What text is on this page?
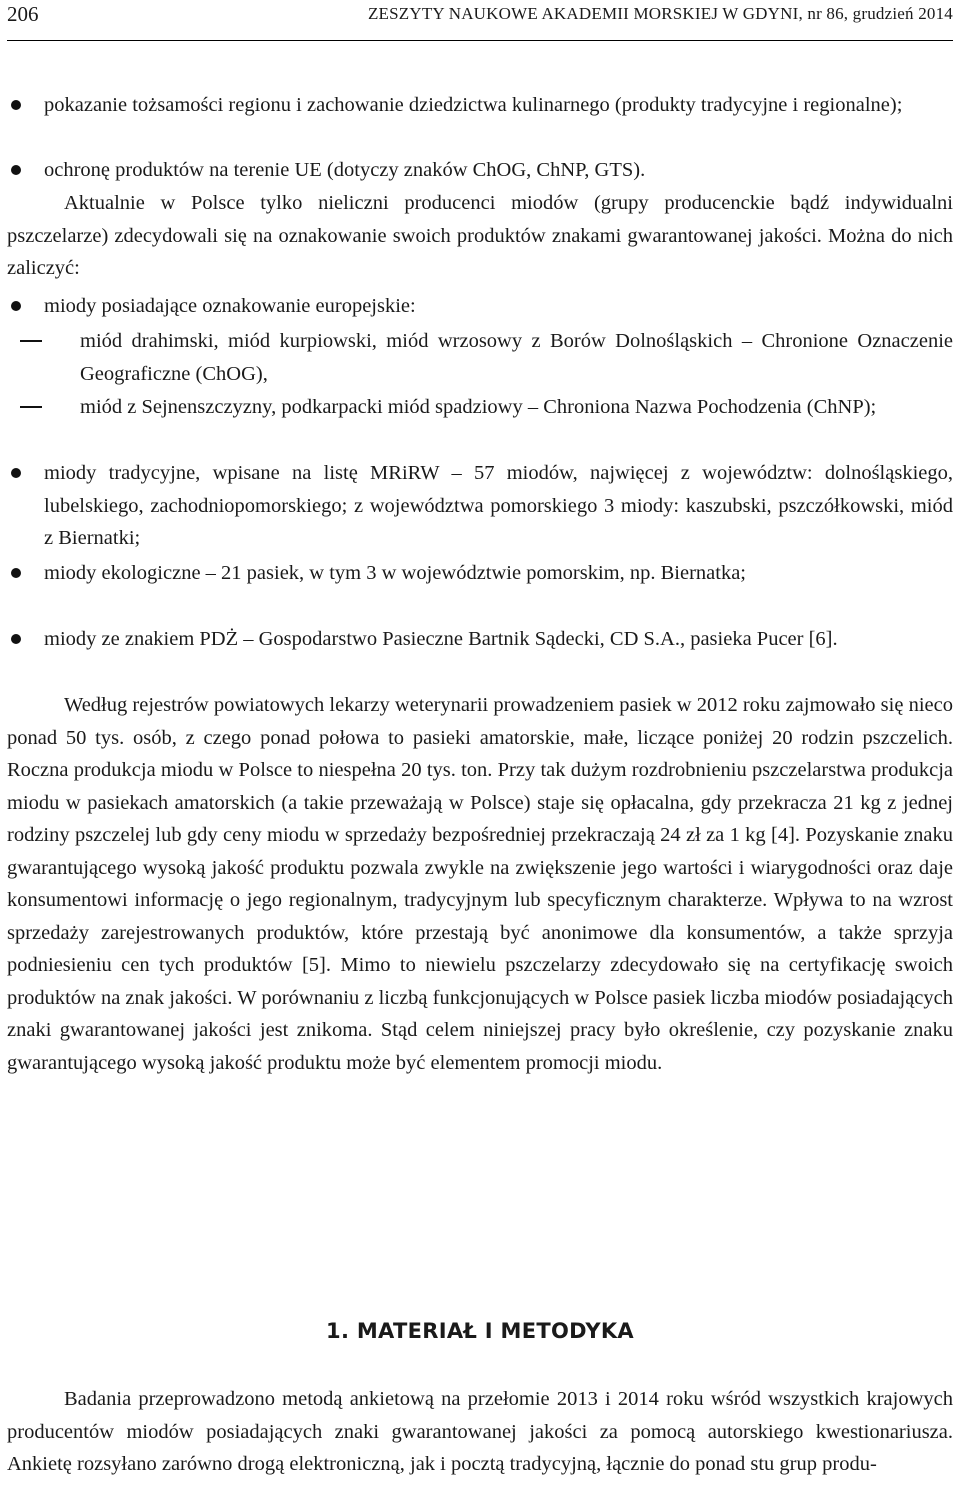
206	ZESZYTY NAUKOWE AKADEMII MORSKIEJ W GDYNI, nr 86, grudzień 2014
pokazanie tożsamości regionu i zachowanie dziedzictwa kulinarnego (produkty tradycyjne i regionalne);
ochronę produktów na terenie UE (dotyczy znaków ChOG, ChNP, GTS).

Aktualnie w Polsce tylko nieliczni producenci miodów (grupy producenckie bądź indywidualni pszczelarze) zdecydowali się na oznakowanie swoich produktów znakami gwarantowanej jakości. Można do nich zaliczyć:

miody posiadające oznakowanie europejskie:
miód drahimski, miód kurpiowski, miód wrzosowy z Borów Dolnośląskich – Chronione Oznaczenie Geograficzne (ChOG),
miód z Sejnenszczyzny, podkarpacki miód spadziowy – Chroniona Nazwa Pochodzenia (ChNP);
miody tradycyjne, wpisane na listę MRiRW – 57 miodów, najwięcej z województw: dolnośląskiego, lubelskiego, zachodniopomorskiego; z województwa pomorskiego 3 miody: kaszubski, pszczółkowski, miód z Biernatki;
miody ekologiczne – 21 pasiek, w tym 3 w województwie pomorskim, np. Biernatka;
miody ze znakiem PDŻ – Gospodarstwo Pasieczne Bartnik Sądecki, CD S.A., pasieka Pucer [6].

Według rejestrów powiatowych lekarzy weterynarii prowadzeniem pasiek w 2012 roku zajmowało się nieco ponad 50 tys. osób, z czego ponad połowa to pasieki amatorskie, małe, liczące poniżej 20 rodzin pszczelich. Roczna produkcja miodu w Polsce to niespełna 20 tys. ton. Przy tak dużym rozdrobnieniu pszczelarstwa produkcja miodu w pasiekach amatorskich (a takie przeważają w Polsce) staje się opłacalna, gdy przekracza 21 kg z jednej rodziny pszczelej lub gdy ceny miodu w sprzedaży bezpośredniej przekraczają 24 zł za 1 kg [4]. Pozyskanie znaku gwarantującego wysoką jakość produktu pozwala zwykle na zwiększenie jego wartości i wiarygodności oraz daje konsumentowi informację o jego regionalnym, tradycyjnym lub specyficznym charakterze. Wpływa to na wzrost sprzedaży zarejestrowanych produktów, które przestają być anonimowe dla konsumentów, a także sprzyja podniesieniu cen tych produktów [5]. Mimo to niewielu pszczelarzy zdecydowało się na certyfikację swoich produktów na znak jakości. W porównaniu z liczbą funkcjonujących w Polsce pasiek liczba miodów posiadających znaki gwarantowanej jakości jest znikoma. Stąd celem niniejszej pracy było określenie, czy pozyskanie znaku gwarantującego wysoką jakość produktu może być elementem promocji miodu.

1. MATERIAŁ I METODYKA

Badania przeprowadzono metodą ankietową na przełomie 2013 i 2014 roku wśród wszystkich krajowych producentów miodów posiadających znaki gwarantowanej jakości za pomocą autorskiego kwestionariusza. Ankietę rozsyłano zarówno drogą elektroniczną, jak i pocztą tradycyjną, łącznie do ponad stu grup produ-
